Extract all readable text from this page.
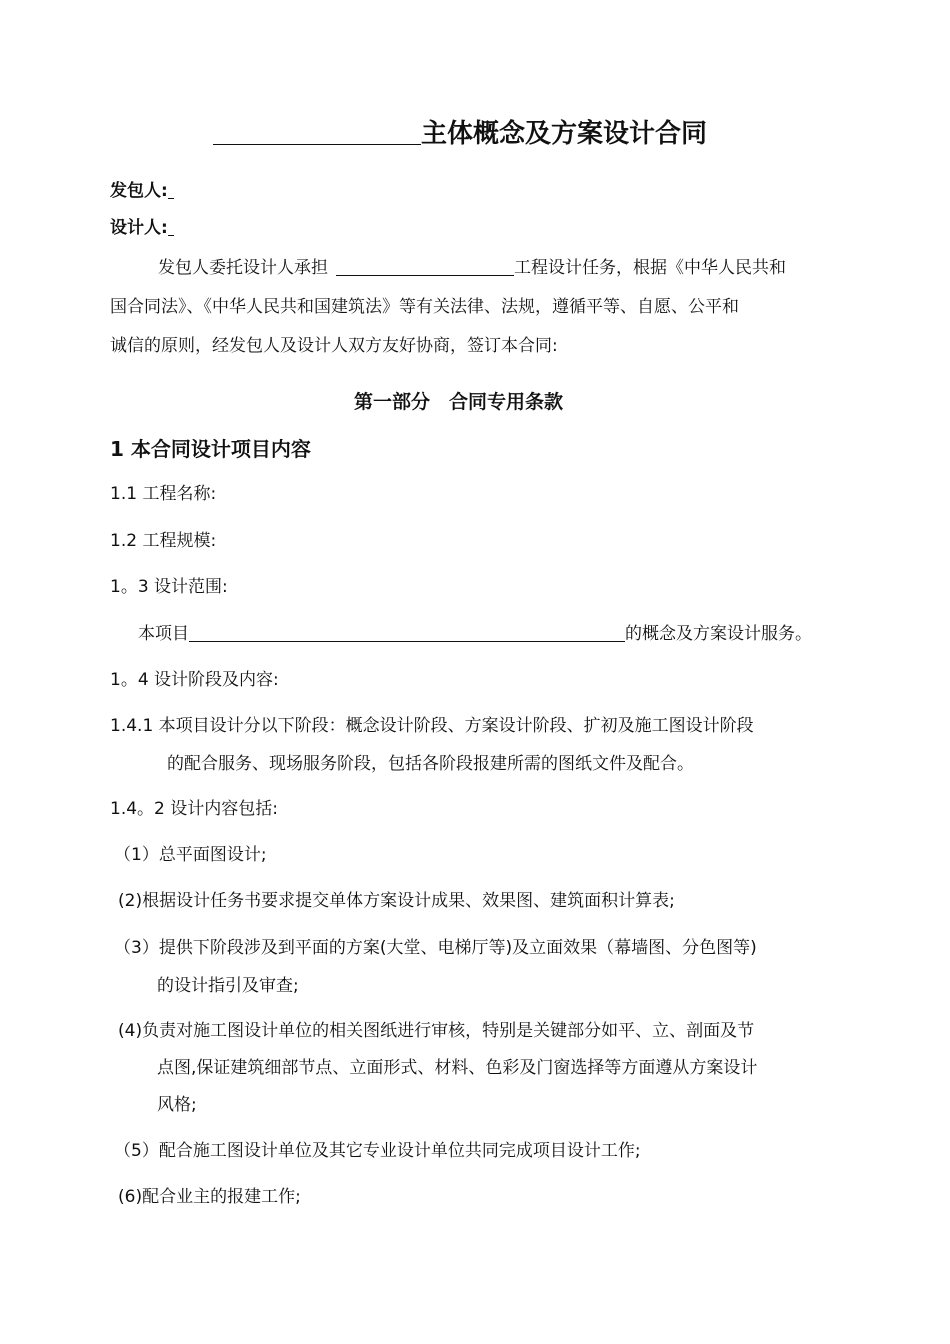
主体概念及方案设计合同
发包人:
设计人:
发包人委托设计人承担	工程设计任务，根据《中华人民共和
国合同法》、《中华人民共和国建筑法》等有关法律、法规，遵循平等、自愿、公平和
诚信的原则，经发包人及设计人双方友好协商，签订本合同:
第一部分　合同专用条款
1 本合同设计项目内容
1.1 工程名称:
1.2 工程规模:
1。3 设计范围:
本项目	的概念及方案设计服务。
1。4 设计阶段及内容:
1.4.1 本项目设计分以下阶段：概念设计阶段、方案设计阶段、扩初及施工图设计阶段
的配合服务、现场服务阶段，包括各阶段报建所需的图纸文件及配合。
1.4。2 设计内容包括:
（1）总平面图设计;
(2)根据设计任务书要求提交单体方案设计成果、效果图、建筑面积计算表;
（3）提供下阶段涉及到平面的方案(大堂、电梯厅等)及立面效果（幕墙图、分色图等)
的设计指引及审查;
(4)负责对施工图设计单位的相关图纸进行审核，特别是关键部分如平、立、剖面及节
点图,保证建筑细部节点、立面形式、材料、色彩及门窗选择等方面遵从方案设计
风格;
（5）配合施工图设计单位及其它专业设计单位共同完成项目设计工作;
(6)配合业主的报建工作;
